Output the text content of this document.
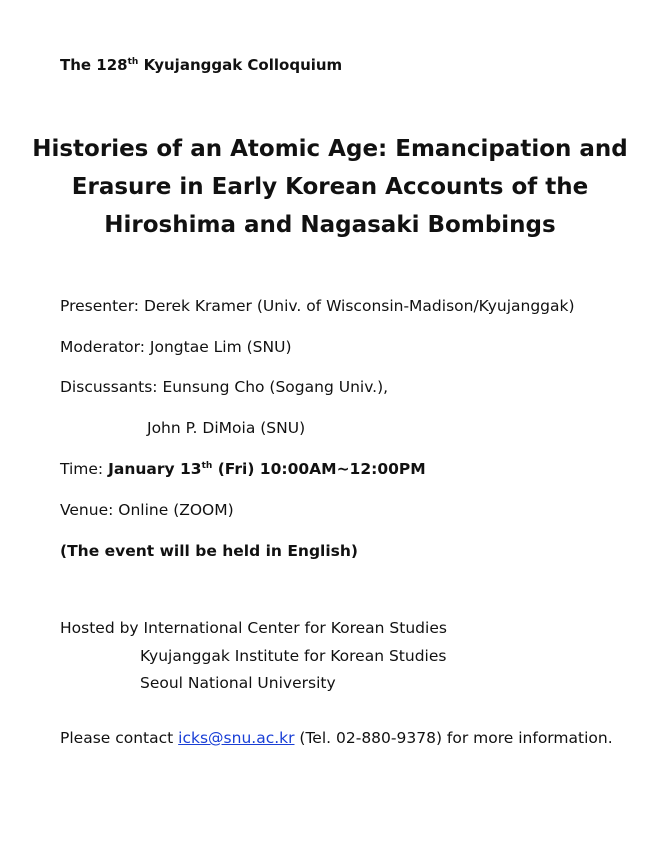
The 128th Kyujanggak Colloquium
Histories of an Atomic Age: Emancipation and
Erasure in Early Korean Accounts of the
Hiroshima and Nagasaki Bombings
Presenter: Derek Kramer (Univ. of Wisconsin-Madison/Kyujanggak)
Moderator: Jongtae Lim (SNU)
Discussants: Eunsung Cho (Sogang Univ.),
John P. DiMoia (SNU)
Time: January 13th (Fri) 10:00AM~12:00PM
Venue: Online (ZOOM)
(The event will be held in English)
Hosted by International Center for Korean Studies
Kyujanggak Institute for Korean Studies
Seoul National University
Please contact icks@snu.ac.kr (Tel. 02-880-9378) for more information.
